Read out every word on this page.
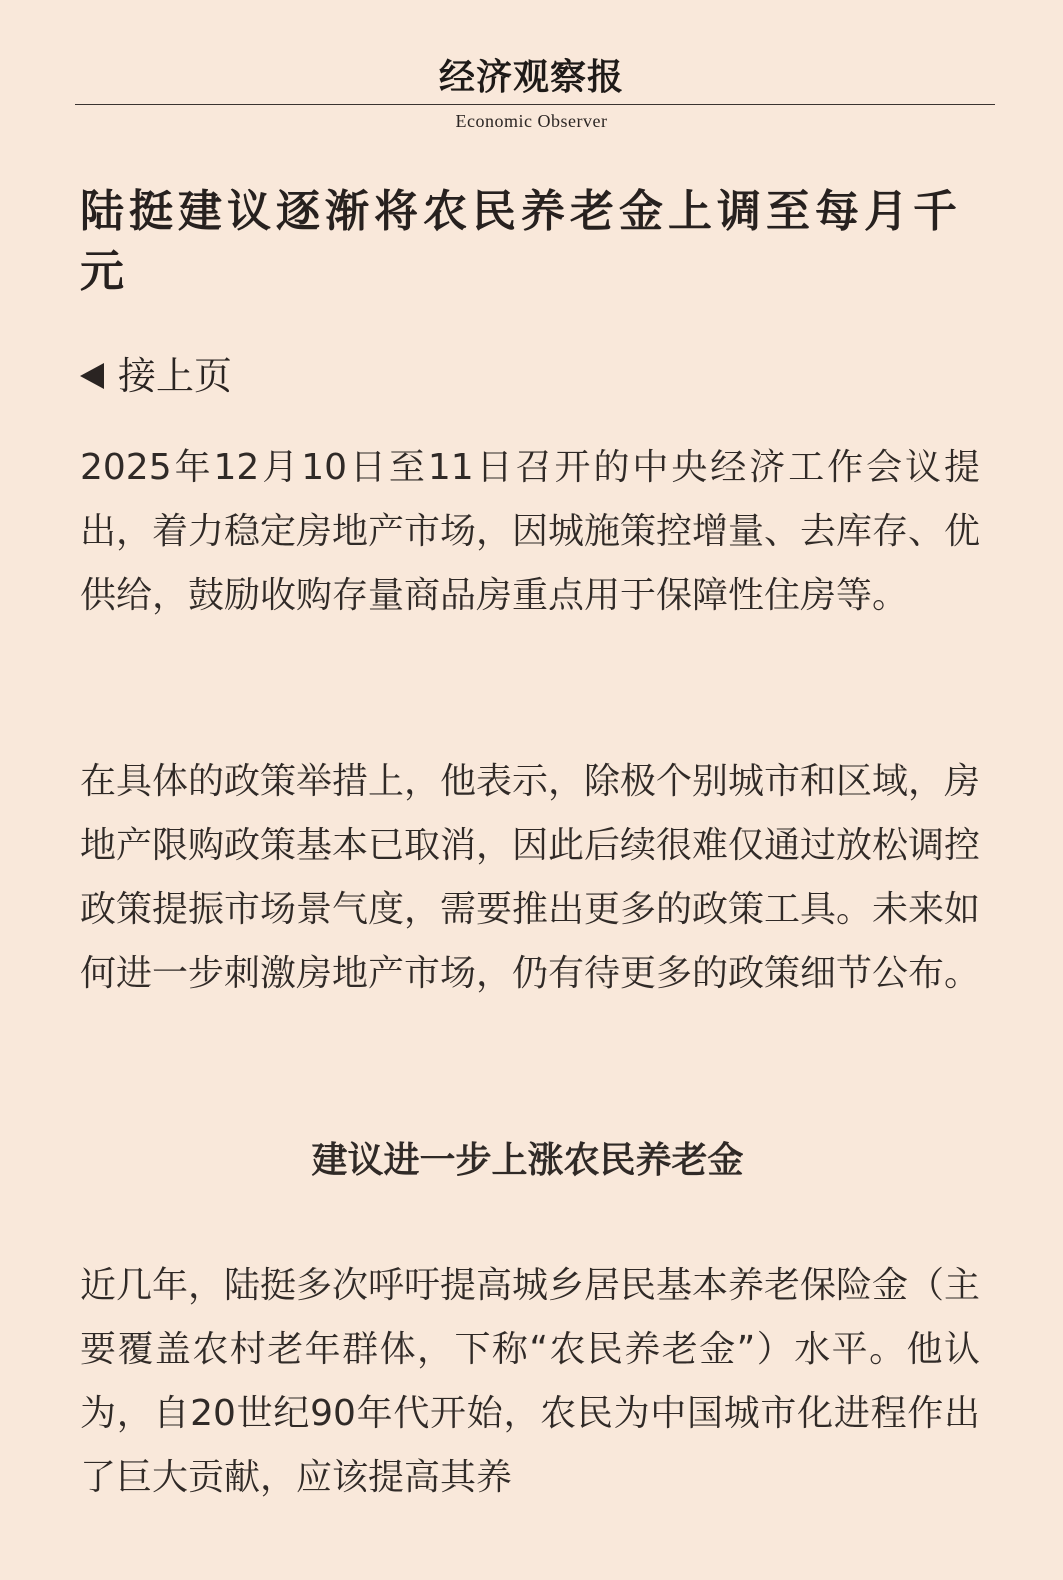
经济观察报
Economic Observer
陆挺建议逐渐将农民养老金上调至每月千元
接上页

2025年12月10日至11日召开的中央经济工作会议提出，着力稳定房地产市场，因城施策控增量、去库存、优供给，鼓励收购存量商品房重点用于保障性住房等。

在具体的政策举措上，他表示，除极个别城市和区域，房地产限购政策基本已取消，因此后续很难仅通过放松调控政策提振市场景气度，需要推出更多的政策工具。未来如何进一步刺激房地产市场，仍有待更多的政策细节公布。

建议进一步上涨农民养老金

近几年，陆挺多次呼吁提高城乡居民基本养老保险金（主要覆盖农村老年群体，下称“农民养老金”）水平。他认为，自20世纪90年代开始，农民为中国城市化进程作出了巨大贡献，应该提高其养
